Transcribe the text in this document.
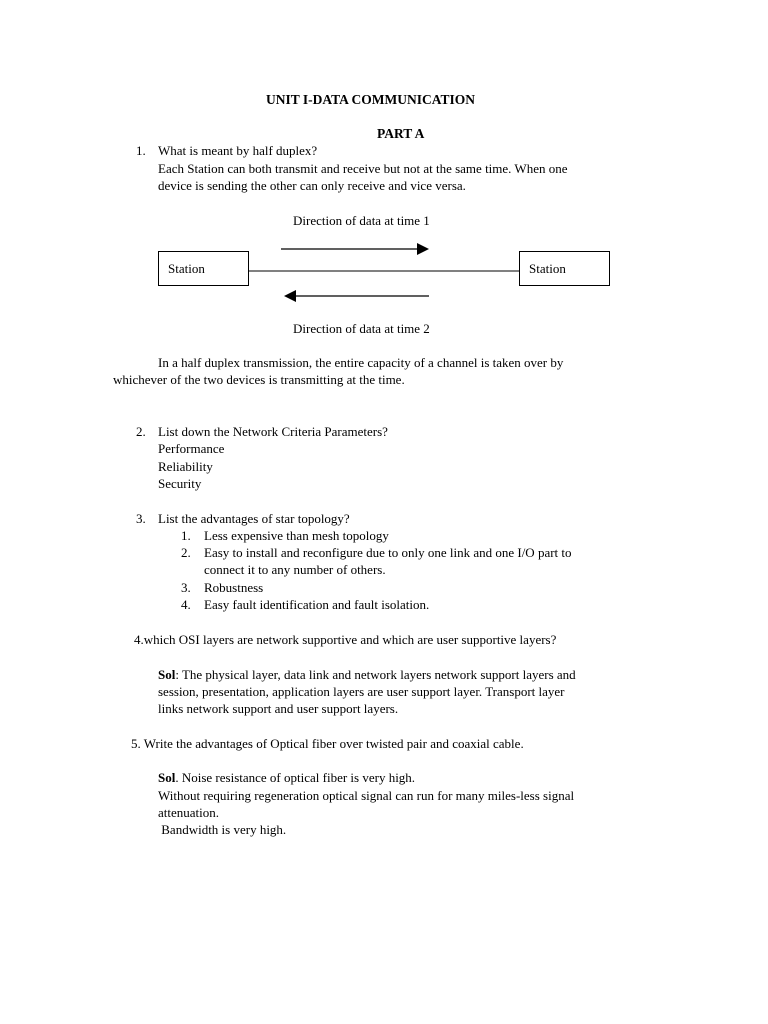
UNIT I-DATA COMMUNICATION
PART A
1. What is meant by half duplex?
Each Station can both transmit and receive but not at the same time. When one
device is sending the other can only receive and vice versa.
Direction of data at time 1
Station	Station
Direction of data at time 2
In a half duplex transmission, the entire capacity of a channel is taken over by
whichever of the two devices is transmitting at the time.
2. List down the Network Criteria Parameters?
Performance
Reliability
Security
3. List the advantages of star topology?
1. Less expensive than mesh topology
2. Easy to install and reconfigure due to only one link and one I/O part to
connect it to any number of others.
3. Robustness
4. Easy fault identification and fault isolation.
4.which OSI layers are network supportive and which are user supportive layers?
Sol: The physical layer, data link and network layers network support layers and
session, presentation, application layers are user support layer. Transport layer
links network support and user support layers.
5. Write the advantages of Optical fiber over twisted pair and coaxial cable.
Sol. Noise resistance of optical fiber is very high.
Without requiring regeneration optical signal can run for many miles-less signal
attenuation.
Bandwidth is very high.
